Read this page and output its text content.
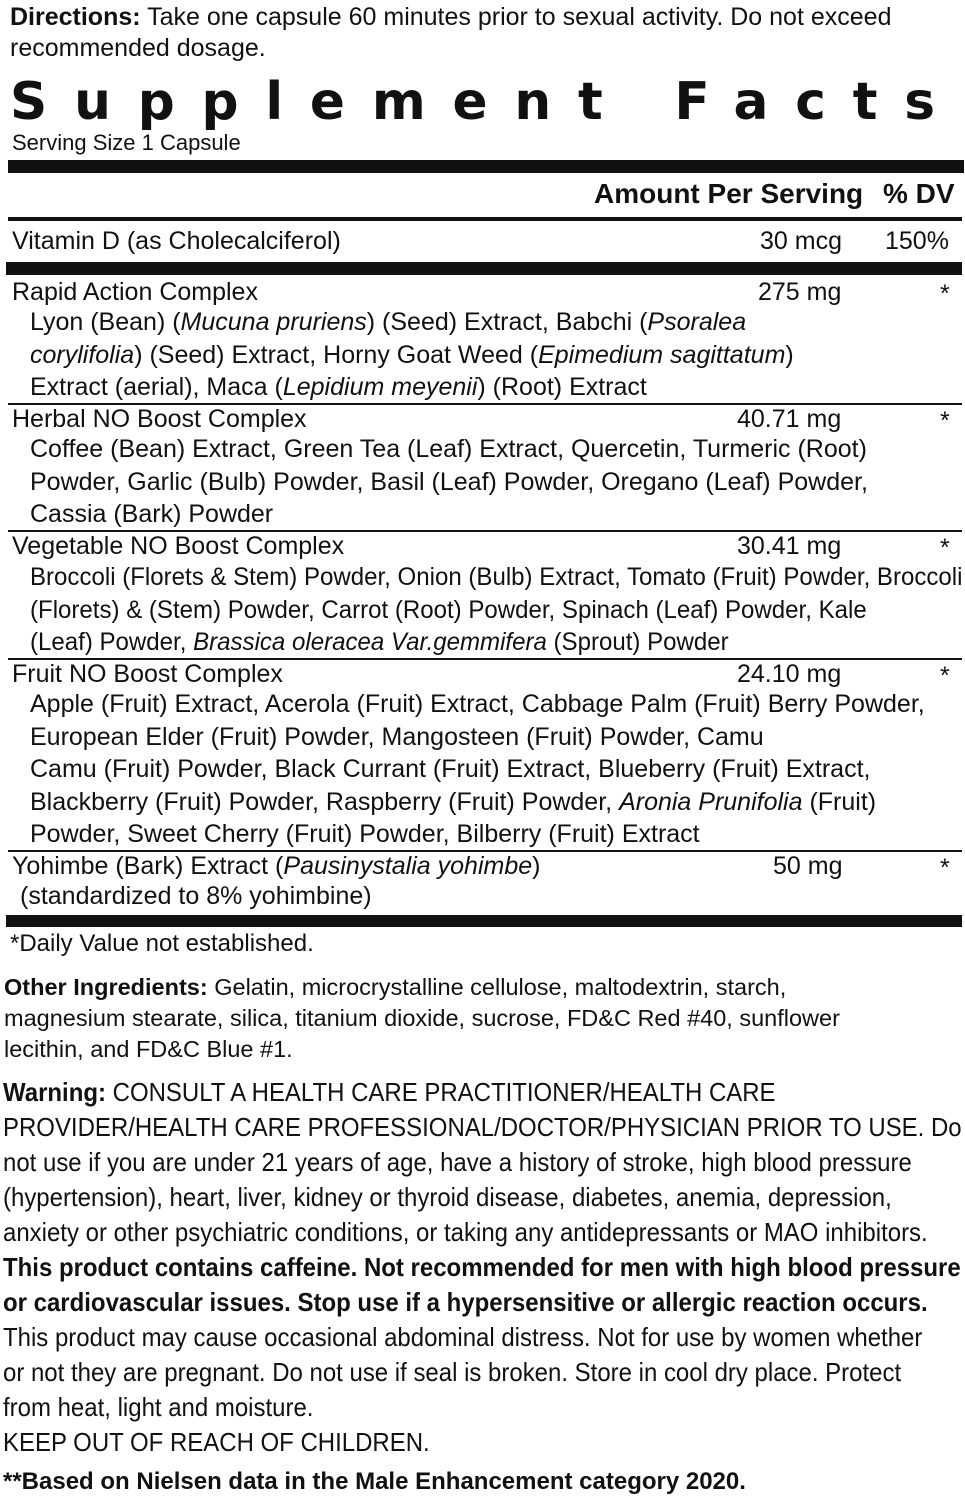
Directions: Take one capsule 60 minutes prior to sexual activity. Do not exceed
recommended dosage.
Supplement Facts
Serving Size 1 Capsule
Amount Per Serving % DV
Vitamin D (as Cholecalciferol)	30 mcg 150%
Rapid Action Complex	275 mg	*
Lyon (Bean) (Mucuna pruriens) (Seed) Extract, Babchi (Psoralea
corylifolia) (Seed) Extract, Horny Goat Weed (Epimedium sagittatum)
Extract (aerial), Maca (Lepidium meyenii) (Root) Extract
Herbal NO Boost Complex	40.71 mg	*
Coffee (Bean) Extract, Green Tea (Leaf) Extract, Quercetin, Turmeric (Root)
Powder, Garlic (Bulb) Powder, Basil (Leaf) Powder, Oregano (Leaf) Powder,
Cassia (Bark) Powder
Vegetable NO Boost Complex	30.41 mg	*
Broccoli (Florets & Stem) Powder, Onion (Bulb) Extract, Tomato (Fruit) Powder, Broccoli
(Florets) & (Stem) Powder, Carrot (Root) Powder, Spinach (Leaf) Powder, Kale
(Leaf) Powder, Brassica oleracea Var.gemmifera (Sprout) Powder
Fruit NO Boost Complex	24.10 mg	*
Apple (Fruit) Extract, Acerola (Fruit) Extract, Cabbage Palm (Fruit) Berry Powder,
European Elder (Fruit) Powder, Mangosteen (Fruit) Powder, Camu
Camu (Fruit) Powder, Black Currant (Fruit) Extract, Blueberry (Fruit) Extract,
Blackberry (Fruit) Powder, Raspberry (Fruit) Powder, Aronia Prunifolia (Fruit)
Powder, Sweet Cherry (Fruit) Powder, Bilberry (Fruit) Extract
Yohimbe (Bark) Extract (Pausinystalia yohimbe)
(standardized to 8% yohimbine)
50 mg	*
*Daily Value not established.
Other Ingredients: Gelatin, microcrystalline cellulose, maltodextrin, starch,
magnesium stearate, silica, titanium dioxide, sucrose, FD&C Red #40, sunflower
lecithin, and FD&C Blue #1.
Warning: CONSULT A HEALTH CARE PRACTITIONER/HEALTH CARE
PROVIDER/HEALTH CARE PROFESSIONAL/DOCTOR/PHYSICIAN PRIOR TO USE. Do
not use if you are under 21 years of age, have a history of stroke, high blood pressure
(hypertension), heart, liver, kidney or thyroid disease, diabetes, anemia, depression,
anxiety or other psychiatric conditions, or taking any antidepressants or MAO inhibitors.
This product contains caffeine. Not recommended for men with high blood pressure
or cardiovascular issues. Stop use if a hypersensitive or allergic reaction occurs.
This product may cause occasional abdominal distress. Not for use by women whether
or not they are pregnant. Do not use if seal is broken. Store in cool dry place. Protect
from heat, light and moisture.
KEEP OUT OF REACH OF CHILDREN.
**Based on Nielsen data in the Male Enhancement category 2020.
